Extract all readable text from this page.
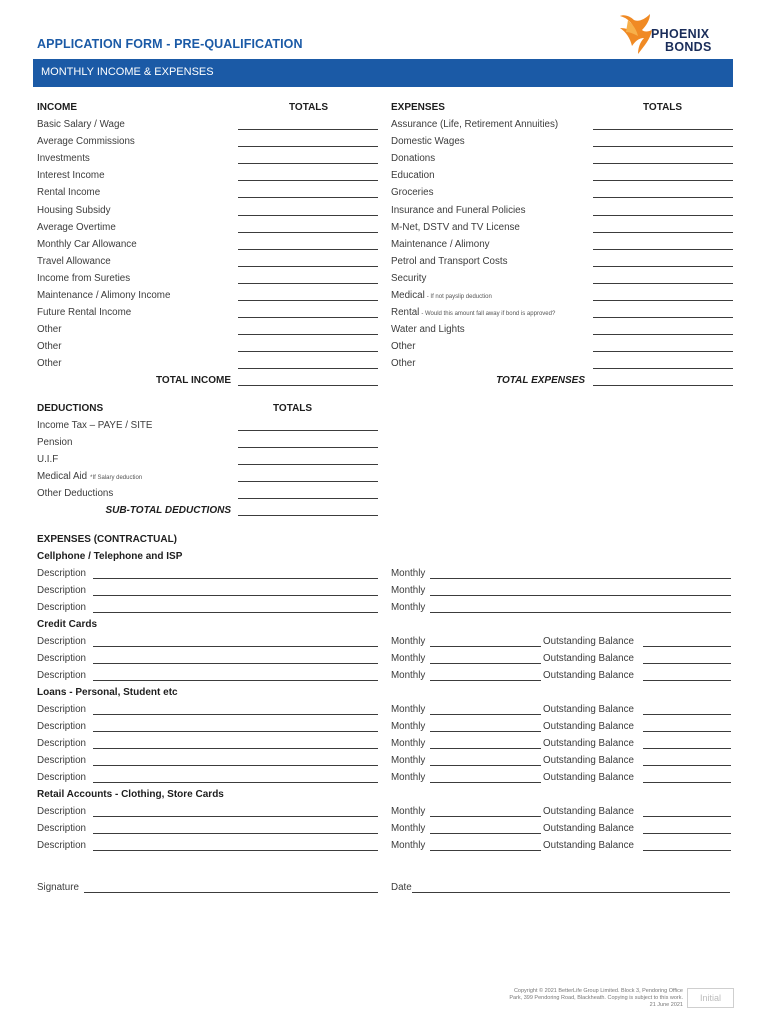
APPLICATION FORM - PRE-QUALIFICATION
PHOENIX
BONDS
MONTHLY INCOME & EXPENSES
INCOME	TOTALS	EXPENSES	TOTALS
Basic Salary / Wage
Average Commissions
Investments
Interest Income
Rental Income
Housing Subsidy
Average Overtime
Monthly Car Allowance
Travel Allowance
Income from Sureties
Maintenance / Alimony Income
Future Rental Income
Other
Other
Other
Assurance (Life, Retirement Annuities)
Domestic Wages
Donations
Education
Groceries
Insurance and Funeral Policies
M-Net, DSTV and TV License
Maintenance / Alimony
Petrol and Transport Costs
Security
Medical - If not payslip deduction
Rental - Would this amount fall away if bond is approved?
Water and Lights
Other
Other
TOTAL INCOME	TOTAL EXPENSES
DEDUCTIONS	TOTALS
Income Tax – PAYE / SITE
Pension
U.I.F
Medical Aid *If Salary deduction
Other Deductions
SUB-TOTAL DEDUCTIONS
EXPENSES (CONTRACTUAL)
Cellphone / Telephone and ISP
Description	Monthly
Description	Monthly
Description	Monthly
Credit Cards
Description	Monthly	Outstanding Balance
Description	Monthly	Outstanding Balance
Description	Monthly	Outstanding Balance
Loans - Personal, Student etc
Description	Monthly	Outstanding Balance
Description	Monthly	Outstanding Balance
Description	Monthly	Outstanding Balance
Description	Monthly	Outstanding Balance
Description	Monthly	Outstanding Balance
Retail Accounts - Clothing, Store Cards
Description	Monthly	Outstanding Balance
Description	Monthly	Outstanding Balance
Description	Monthly	Outstanding Balance
Signature	Date
Copyright © 2021 BetterLife Group Limited. Block 3, Pendoring Office Park, 399 Pendoring Road, Blackheath. Copying is subject to this work. 21 June 2021
Initial
